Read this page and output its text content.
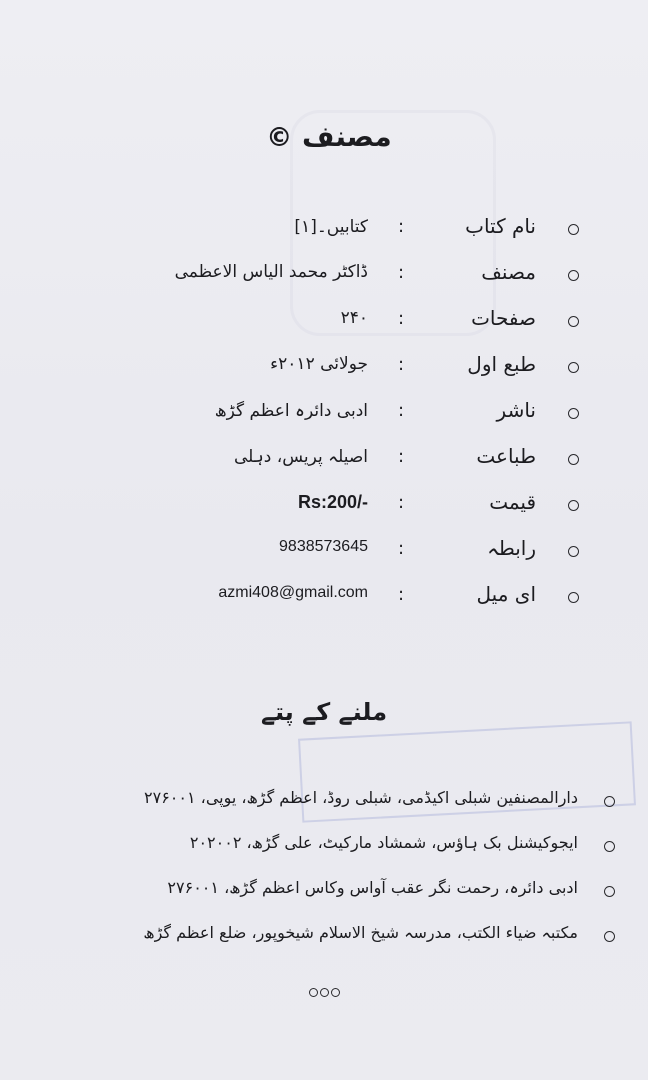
مصنف ©
نام کتاب
:
کتابیں۔[۱]
مصنف
:
ڈاکٹر محمد الیاس الاعظمی
صفحات
:
۲۴۰
طبع اول
:
جولائی ۲۰۱۲ء
ناشر
:
ادبی دائرہ اعظم گڑھ
طباعت
:
اصیلہ پریس، دہلی
قیمت
:
Rs:200/-
رابطہ
:
9838573645
ای میل
:
azmi408@gmail.com
ملنے کے پتے
دارالمصنفین شبلی اکیڈمی، شبلی روڈ، اعظم گڑھ، یوپی، ۲۷۶۰۰۱
ایجوکیشنل بک ہاؤس، شمشاد مارکیٹ، علی گڑھ، ۲۰۲۰۰۲
ادبی دائرہ، رحمت نگر عقب آواس وکاس اعظم گڑھ، ۲۷۶۰۰۱
مکتبہ ضیاء الکتب، مدرسہ شیخ الاسلام شیخوپور، ضلع اعظم گڑھ
